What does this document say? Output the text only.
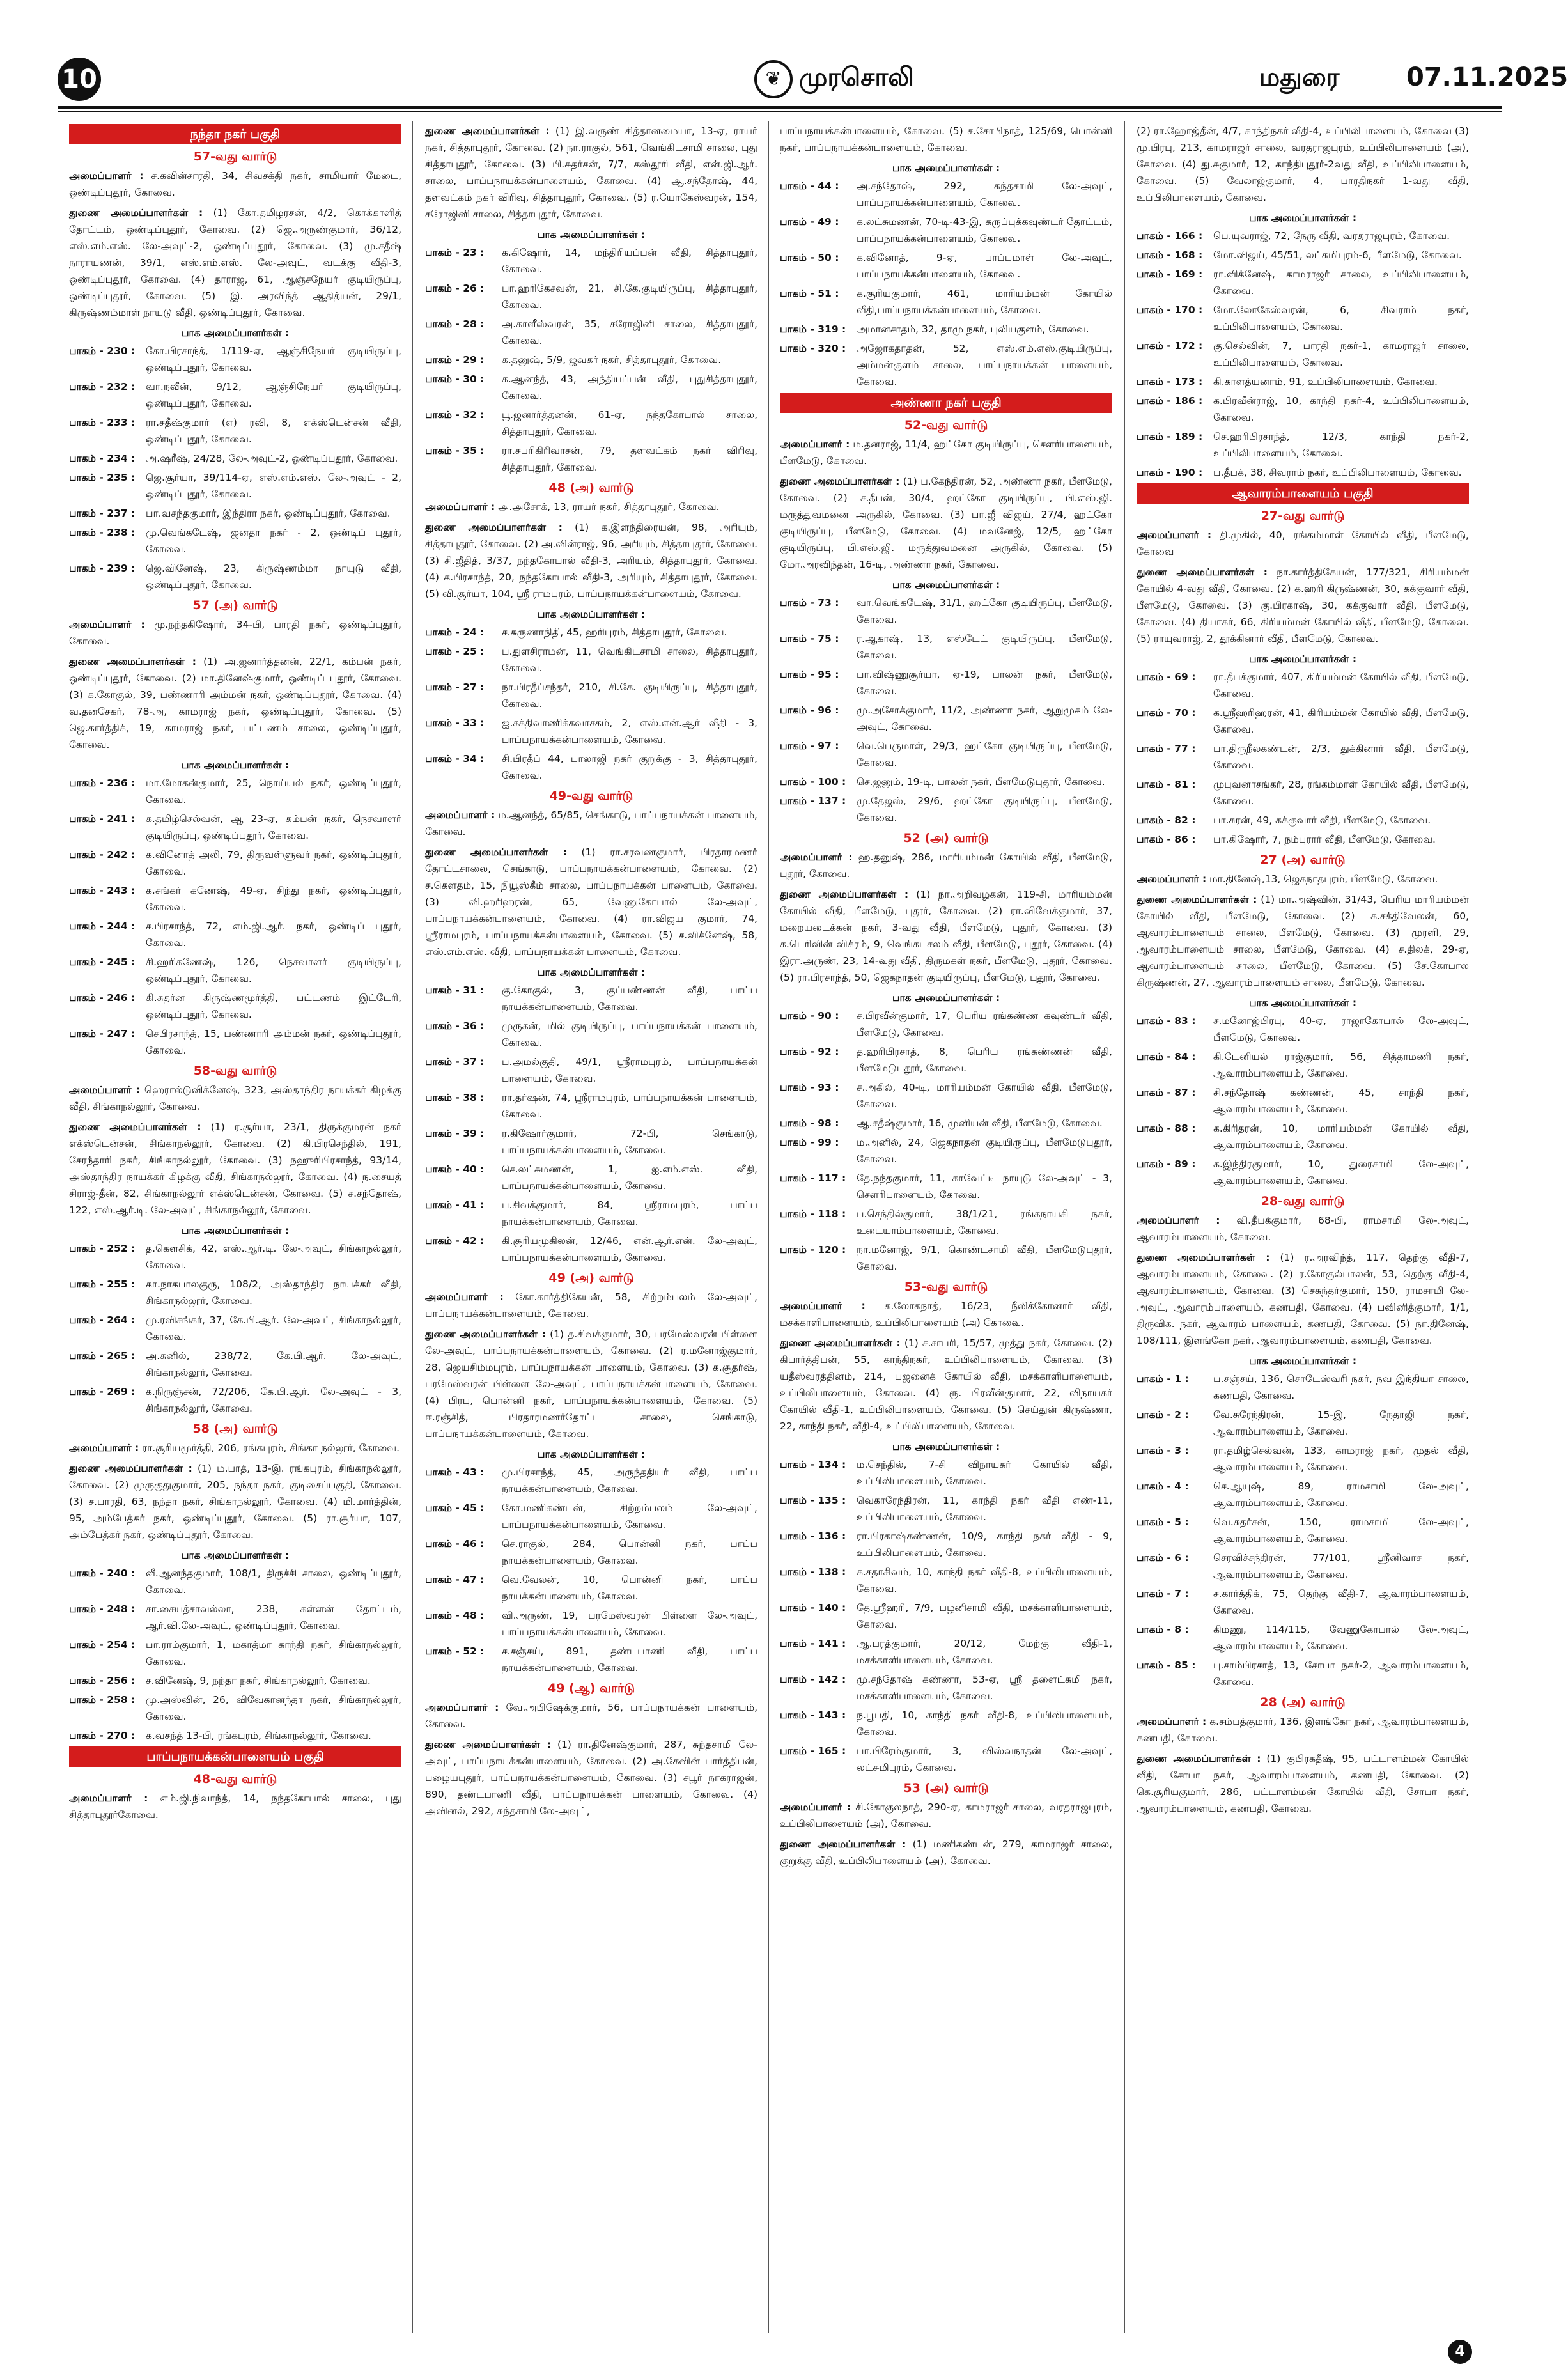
10	❦ முரசொலி	மதுரை	07.11.2025
நந்தா நகர் பகுதி
57-வது வார்டு
அமைப்பாளர் : ச.கவின்சாரதி, 34, சிவசக்தி நகர், சாமியார் மேடை, ஒண்டிப்புதூர், கோவை.
துணை அமைப்பாளர்கள் : (1) கோ.தமிழரசன், 4/2, கொக்காளித் தோட்டம், ஒண்டிப்புதூர், கோவை. (2) ஜெ.அருண்குமார், 36/12, எஸ்.எம்.எஸ். லே-அவுட்-2, ஒண்டிப்புதூர், கோவை. (3) மு.சதீஷ் நாராயணன், 39/1, எஸ்.எம்.எஸ். லே-அவுட், வடக்கு வீதி-3, ஒண்டிப்புதூர், கோவை. (4) தாராஜ, 61, ஆஞ்சநேயர் குடியிருப்பு, ஒண்டிப்புதூர், கோவை. (5) இ. அரவிந்த் ஆதித்யன், 29/1, கிருஷ்ணம்மாள் நாயுடு வீதி, ஒண்டிப்புதூர், கோவை.
பாக அமைப்பாளர்கள் :
பாகம் - 230 :	கோ.பிரசாந்த், 1/119-ஏ, ஆஞ்சிநேயர் குடியிருப்பு, ஒண்டிப்புதூர், கோவை.
பாகம் - 232 :	வா.நவீன், 9/12, ஆஞ்சிநேயர் குடியிருப்பு, ஒண்டிப்புதூர், கோவை.
பாகம் - 233 :	ரா.சதீஷ்குமார் (எ) ரவி, 8, எக்ஸ்டென்சன் வீதி, ஒண்டிப்புதூர், கோவை.
பாகம் - 234 :	அ.ஷரீஷ், 24/28, லே-அவுட்-2, ஒண்டிப்புதூர், கோவை.
பாகம் - 235 :	ஜெ.சூர்யா, 39/114-ஏ, எஸ்.எம்.எஸ். லே-அவுட் - 2, ஒண்டிப்புதூர், கோவை.
பாகம் - 237 :	பா.வசந்தகுமார், இந்திரா நகர், ஒண்டிப்புதூர், கோவை.
பாகம் - 238 :	மு.வெங்கடேஷ், ஜனதா நகர் - 2, ஒண்டிப் புதூர், கோவை.
பாகம் - 239 :	ஜெ.வினேஷ், 23, கிருஷ்ணம்மா நாயுடு வீதி, ஒண்டிப்புதூர், கோவை.
57 (அ) வார்டு
அமைப்பாளர் : மு.நந்தகிஷோர், 34-பி, பாரதி நகர், ஒண்டிப்புதூர், கோவை.
துணை அமைப்பாளர்கள் : (1) அ.ஜனார்த்தனன், 22/1, கம்பன் நகர், ஒண்டிப்புதூர், கோவை. (2) மா.தினேஷ்குமார், ஒண்டிப் புதூர், கோவை. (3) க.கோகுல், 39, பண்ணாரி அம்மன் நகர், ஒண்டிப்புதூர், கோவை. (4) வ.தனசேகர், 78-அ, காமராஜ் நகர், ஒண்டிப்புதூர், கோவை. (5) ஜெ.கார்த்திக், 19, காமராஜ் நகர், பட்டணம் சாலை, ஒண்டிப்புதூர், கோவை.
பாக அமைப்பாளர்கள் :
பாகம் - 236 :	மா.மோகன்குமார், 25, நொய்யல் நகர், ஒண்டிப்புதூர், கோவை.
பாகம் - 241 :	க.தமிழ்செல்வன், ஆ 23-ஏ, கம்பன் நகர், நெசவாளர் குடியிருப்பு, ஒண்டிப்புதூர், கோவை.
பாகம் - 242 :	க.வினோத் அலி, 79, திருவள்ளுவர் நகர், ஒண்டிப்புதூர், கோவை.
பாகம் - 243 :	க.சங்கர் கணேஷ், 49-ஏ, சிந்து நகர், ஒண்டிப்புதூர், கோவை.
பாகம் - 244 :	ச.பிரசாந்த், 72, எம்.ஜி.ஆர். நகர், ஒண்டிப் புதூர், கோவை.
பாகம் - 245 :	சி.ஹரிகணேஷ், 126, நெசவாளர் குடியிருப்பு, ஒண்டிப்புதூர், கோவை.
பாகம் - 246 :	கி.சுதர்ன கிருஷ்ணமூர்த்தி, பட்டணம் இட்டேரி, ஒண்டிப்புதூர், கோவை.
பாகம் - 247 :	செபிரசாந்த், 15, பண்ணாரி அம்மன் நகர், ஒண்டிப்புதூர், கோவை.
58-வது வார்டு
அமைப்பாளர் : ஹெரால்டுவிக்னேஷ், 323, அஸ்தாந்திர நாயக்கர் கிழக்கு வீதி, சிங்காநல்லூர், கோவை.
துணை அமைப்பாளர்கள் : (1) ர.சூர்யா, 23/1, திருக்குமரன் நகர் எக்ஸ்டென்சன், சிங்காநல்லூர், கோவை. (2) கி.பிரசெந்தில், 191, சேரந்தாரி நகர், சிங்காநல்லூர், கோவை. (3) நஹுரிபிரசாந்த், 93/14, அஸ்தாந்திர நாயக்கர் கிழக்கு வீதி, சிங்காநல்லூர், கோவை. (4) ந.சையத் சிராஜ்-தீன், 82, சிங்காநல்லூர் எக்ஸ்டென்சன், கோவை. (5) ச.சந்தோஷ், 122, எஸ்.ஆர்.டி. லே-அவுட், சிங்காநல்லூர், கோவை.
பாக அமைப்பாளர்கள் :
பாகம் - 252 :	த.கௌசிக், 42, எஸ்.ஆர்.டி. லே-அவுட், சிங்காநல்லூர், கோவை.
பாகம் - 255 :	கா.நாகபாலகுரு, 108/2, அஸ்தாந்திர நாயக்கர் வீதி, சிங்காநல்லூர், கோவை.
பாகம் - 264 :	மு.ரவிசங்கர், 37, கே.பி.ஆர். லே-அவுட், சிங்காநல்லூர், கோவை.
பாகம் - 265 :	அ.சுனில், 238/72, கே.பி.ஆர். லே-அவுட், சிங்காநல்லூர், கோவை.
பாகம் - 269 :	க.நிருஞ்சன், 72/206, கே.பி.ஆர். லே-அவுட் - 3, சிங்காநல்லூர், கோவை.
58 (அ) வார்டு
அமைப்பாளர் : ரா.சூரியமூர்த்தி, 206, ரங்கபுரம், சிங்கா நல்லூர், கோவை.
துணை அமைப்பாளர்கள் : (1) ம.பாத், 13-இ. ரங்கபுரம், சிங்காநல்லூர், கோவை. (2) முருகுதுகுமார், 205, நந்தா நகர், குடிசைப்பகுதி, கோவை. (3) ச.பாரதி, 63, நந்தா நகர், சிங்காநல்லூர், கோவை. (4) மி.மார்த்தின், 95, அம்பேத்கர் நகர், ஒண்டிப்புதூர், கோவை. (5) ரா.சூர்யா, 107, அம்பேத்கர் நகர், ஒண்டிப்புதூர், கோவை.
பாக அமைப்பாளர்கள் :
பாகம் - 240 :	வீ.ஆனந்தகுமார், 108/1, திருச்சி சாலை, ஒண்டிப்புதூர், கோவை.
பாகம் - 248 :	சா.சையத்சாவல்லா, 238, கள்ளன் தோட்டம், ஆர்.வி.லே-அவுட், ஒண்டிப்புதூர், கோவை.
பாகம் - 254 :	பா.ராம்குமார், 1, மகாத்மா காந்தி நகர், சிங்காநல்லூர், கோவை.
பாகம் - 256 :	ச.வினேஷ், 9, நந்தா நகர், சிங்காநல்லூர், கோவை.
பாகம் - 258 :	மு.அஸ்வின், 26, விவேகானந்தா நகர், சிங்காநல்லூர், கோவை.
பாகம் - 270 :	க.வசந்த் 13-பி, ரங்கபுரம், சிங்காநல்லூர், கோவை.
பாப்பநாயக்கன்பாளையம் பகுதி
48-வது வார்டு
அமைப்பாளர் : எம்.ஜி.நிவாந்த், 14, நந்தகோபால் சாலை, புது சித்தாபுதூர்கோவை.
துணை அமைப்பாளர்கள் : (1) இ.வருண் சித்தானமையா, 13-ஏ, ராயர் நகர், சித்தாபுதூர், கோவை. (2) நா.ராகுல், 561, வெங்கிடசாமி சாலை, புது சித்தாபுதூர், கோவை. (3) பி.சுதர்சன், 7/7, கஸ்தூரி வீதி, என்.ஜி.ஆர். சாலை, பாப்பநாயக்கன்பாளையம், கோவை. (4) ஆ.சந்தோஷ், 44, தளவட்கம் நகர் விரிவு, சித்தாபுதூர், கோவை. (5) ர.யோகேஸ்வரன், 154, சரோஜினி சாலை, சித்தாபுதூர், கோவை.
பாக அமைப்பாளர்கள் :
பாகம் - 23 :	க.கிஷோர், 14, மந்திரியப்பன் வீதி, சித்தாபுதூர், கோவை.
பாகம் - 26 :	பா.ஹரிகேசவன், 21, சி.கே.குடியிருப்பு, சித்தாபுதூர், கோவை.
பாகம் - 28 :	அ.காளீஸ்வரன், 35, சரோஜினி சாலை, சித்தாபுதூர், கோவை.
பாகம் - 29 :	க.தனுஷ், 5/9, ஜவகர் நகர், சித்தாபுதூர், கோவை.
பாகம் - 30 :	க.ஆனந்த், 43, அந்தியப்பன் வீதி, புதுசித்தாபுதூர், கோவை.
பாகம் - 32 :	பூ.ஜனார்த்தனன், 61-ஏ, நந்தகோபால் சாலை, சித்தாபுதூர், கோவை.
பாகம் - 35 :	ரா.சபரிகிரிவாசன், 79, தளவட்கம் நகர் விரிவு, சித்தாபுதூர், கோவை.
48 (அ) வார்டு
அமைப்பாளர் : அ.அசோக், 13, ராயர் நகர், சித்தாபுதூர், கோவை.
துணை அமைப்பாளர்கள் : (1) க.இளந்திரையன், 98, அரியும், சித்தாபுதூர், கோவை. (2) அ.வின்ராஜ், 96, அரியும், சித்தாபுதூர், கோவை. (3) சி.ஜீதித், 3/37, நந்தகோபால் வீதி-3, அரியும், சித்தாபுதூர், கோவை. (4) க.பிரசாந்த், 20, நந்தகோபால் வீதி-3, அரியும், சித்தாபுதூர், கோவை. (5) வி.சூர்யா, 104, ஸ்ரீ ராமபுரம், பாப்பநாயக்கன்பாளையம், கோவை.
பாக அமைப்பாளர்கள் :
பாகம் - 24 :	ச.சுருணாநிதி, 45, ஹரிபுரம், சித்தாபுதூர், கோவை.
பாகம் - 25 :	ப.துளசிராமன், 11, வெங்கிடசாமி சாலை, சித்தாபுதூர், கோவை.
பாகம் - 27 :	நா.பிரதீப்சந்தர், 210, சி.கே. குடியிருப்பு, சித்தாபுதூர், கோவை.
பாகம் - 33 :	ஐ.சக்திவாணிக்கவாசகம், 2, எஸ்.என்.ஆர் வீதி - 3, பாப்பநாயக்கன்பாளையம், கோவை.
பாகம் - 34 :	சி.பிரதீப் 44, பாலாஜி நகர் குறுக்கு - 3, சித்தாபுதூர், கோவை.
49-வது வார்டு
அமைப்பாளர் : ம.ஆனந்த், 65/85, செங்காடு, பாப்பநாயக்கன் பாளையம், கோவை.
துணை அமைப்பாளர்கள் : (1) ரா.சரவணகுமார், பிரதாரமணர் தோட்டசாலை, செங்காடு, பாப்பநாயக்கன்பாளையம், கோவை. (2) ச.கௌதம், 15, நியூஸ்கீம் சாலை, பாப்பநாயக்கன் பாளையம், கோவை. (3) வி.ஹரிஹரன், 65, வேணுகோபால் லே-அவுட், பாப்பநாயக்கன்பாளையம், கோவை. (4) ரா.விஜய குமார், 74, ஸ்ரீராமபுரம், பாப்பநாயக்கன்பாளையம், கோவை. (5) ச.விக்னேஷ், 58, எஸ்.எம்.எஸ். வீதி, பாப்பநாயக்கன் பாளையம், கோவை.
பாக அமைப்பாளர்கள் :
பாகம் - 31 :	கு.கோகுல், 3, குப்பண்ணன் வீதி, பாப்ப நாயக்கன்பாளையம், கோவை.
பாகம் - 36 :	முருகன், மில் குடியிருப்பு, பாப்பநாயக்கன் பாளையம், கோவை.
பாகம் - 37 :	ப.அமல்குதி, 49/1, ஸ்ரீராமபுரம், பாப்பநாயக்கன் பாளையம், கோவை.
பாகம் - 38 :	ரா.தர்ஷன், 74, ஸ்ரீராமபுரம், பாப்பநாயக்கன் பாளையம், கோவை.
பாகம் - 39 :	ர.கிஷோர்குமார், 72-பி, செங்காடு, பாப்பநாயக்கன்பாளையம், கோவை.
பாகம் - 40 :	செ.லட்சுமணன், 1, ஐ.எம்.எஸ். வீதி, பாப்பநாயக்கன்பாளையம், கோவை.
பாகம் - 41 :	ப.சிவக்குமார், 84, ஸ்ரீராமபுரம், பாப்ப நாயக்கன்பாளையம், கோவை.
பாகம் - 42 :	கி.சூரியமுகிலன், 12/46, என்.ஆர்.என். லே-அவுட், பாப்பநாயக்கன்பாளையம், கோவை.
49 (அ) வார்டு
அமைப்பாளர் : கோ.கார்த்திகேயன், 58, சிற்றம்பலம் லே-அவுட், பாப்பநாயக்கன்பாளையம், கோவை.
துணை அமைப்பாளர்கள் : (1) த.சிவக்குமார், 30, பரமேஸ்வரன் பிள்ளை லே-அவுட், பாப்பநாயக்கன்பாளையம், கோவை. (2) ர.மனோஜ்குமார், 28, ஜெயசிம்மபுரம், பாப்பநாயக்கன் பாளையம், கோவை. (3) க.சூதர்ஷ், பரமேஸ்வரன் பிள்ளை லே-அவுட், பாப்பநாயக்கன்பாளையம், கோவை. (4) பிரபு, பொன்னி நகர், பாப்பநாயக்கன்பாளையம், கோவை. (5) ஈ.ரஞ்சித், பிரதாரமணர்தோட்ட சாலை, செங்காடு, பாப்பநாயக்கன்பாளையம், கோவை.
பாக அமைப்பாளர்கள் :
பாகம் - 43 :	மு.பிரசாந்த், 45, அருந்ததியர் வீதி, பாப்ப நாயக்கன்பாளையம், கோவை.
பாகம் - 45 :	கோ.மணிகண்டன், சிற்றம்பலம் லே-அவுட், பாப்பநாயக்கன்பாளையம், கோவை.
பாகம் - 46 :	செ.ராகுல், 284, பொன்னி நகர், பாப்ப நாயக்கன்பாளையம், கோவை.
பாகம் - 47 :	வெ.வேலன், 10, பொன்னி நகர், பாப்ப நாயக்கன்பாளையம், கோவை.
பாகம் - 48 :	வி.அருண், 19, பரமேஸ்வரன் பிள்ளை லே-அவுட், பாப்பநாயக்கன்பாளையம், கோவை.
பாகம் - 52 :	ச.சஞ்சய், 891, தண்டபாணி வீதி, பாப்ப நாயக்கன்பாளையம், கோவை.
49 (ஆ) வார்டு
அமைப்பாளர் : வே.அபிஷேக்குமார், 56, பாப்பநாயக்கன் பாளையம், கோவை.
துணை அமைப்பாளர்கள் : (1) ரா.தினேஷ்குமார், 287, சுந்தசாமி லே-அவுட், பாப்பநாயக்கன்பாளையம், கோவை. (2) அ.கேவின் பார்த்திபன், பழையபுதூர், பாப்பநாயக்கன்பாளையம், கோவை. (3) சபூர் நாகராஜன், 890, தண்டபாணி வீதி, பாப்பநாயக்கன் பாளையம், கோவை. (4) அவினல், 292, சுந்தசாமி லே-அவுட்,
பாப்பநாயக்கன்பாளையம், கோவை. (5) ச.சோபிநாத், 125/69, பொன்னி நகர், பாப்பநாயக்கன்பாளையம், கோவை.
பாக அமைப்பாளர்கள் :
பாகம் - 44 :	அ.சந்தோஷ், 292, சுந்தசாமி லே-அவுட், பாப்பநாயக்கன்பாளையம், கோவை.
பாகம் - 49 :	க.லட்சுமணன், 70-டி-43-இ, கருப்புக்கவுண்டர் தோட்டம், பாப்பநாயக்கன்பாளையம், கோவை.
பாகம் - 50 :	க.வினோத், 9-ஏ, பாப்பமாள் லே-அவுட், பாப்பநாயக்கன்பாளையம், கோவை.
பாகம் - 51 :	க.சூரியகுமார், 461, மாரியம்மன் கோயில் வீதி,பாப்பநாயக்கன்பாளையம், கோவை.
பாகம் - 319 :	அமானசாதம், 32, தாமு நகர், புலியகுளம், கோவை.
பாகம் - 320 :	அஜோகதாதன், 52, எஸ்.எம்.எஸ்.குடியிருப்பு, அம்மன்குளம் சாலை, பாப்பநாயக்கன் பாளையம், கோவை.
அண்ணா நகர் பகுதி
52-வது வார்டு
அமைப்பாளர் : ம.தனராஜ், 11/4, ஹட்கோ குடியிருப்பு, சௌரிபாளையம், பீளமேடு, கோவை.
துணை அமைப்பாளர்கள் : (1) ப.கேந்திரன், 52, அண்ணா நகர், பீளமேடு, கோவை. (2) ச.தீபன், 30/4, ஹட்கோ குடியிருப்பு, பி.எஸ்.ஜி. மருத்துவமனை அருகில், கோவை. (3) பா.ஜீ விஜய், 27/4, ஹட்கோ குடியிருப்பு, பீளமேடு, கோவை. (4) மவனேஜ், 12/5, ஹட்கோ குடியிருப்பு, பி.எஸ்.ஜி. மருத்துவமனை அருகில், கோவை. (5) மோ.அரவிந்தன், 16-டி, அண்ணா நகர், கோவை.
பாக அமைப்பாளர்கள் :
பாகம் - 73 :	வா.வெங்கடேஷ், 31/1, ஹட்கோ குடியிருப்பு, பீளமேடு, கோவை.
பாகம் - 75 :	ர.ஆகாஷ், 13, எஸ்டேட் குடியிருப்பு, பீளமேடு, கோவை.
பாகம் - 95 :	பா.விஷ்ணுசூர்யா, ஏ-19, பாலன் நகர், பீளமேடு, கோவை.
பாகம் - 96 :	மு.அசோக்குமார், 11/2, அண்ணா நகர், ஆறுமுகம் லே-அவுட், கோவை.
பாகம் - 97 :	வெ.பெருமாள், 29/3, ஹட்கோ குடியிருப்பு, பீளமேடு, கோவை.
பாகம் - 100 :	செ.ஜனும், 19-டி, பாலன் நகர், பீளமேடுபுதூர், கோவை.
பாகம் - 137 :	மு.தேஜஸ், 29/6, ஹட்கோ குடியிருப்பு, பீளமேடு, கோவை.
52 (அ) வார்டு
அமைப்பாளர் : ஹ.தனுஷ், 286, மாரியம்மன் கோயில் வீதி, பீளமேடு, புதூர், கோவை.
துணை அமைப்பாளர்கள் : (1) நா.அறிவழகன், 119-சி, மாரியம்மன் கோயில் வீதி, பீளமேடு, புதூர், கோவை. (2) ரா.விவேக்குமார், 37, மறையடைக்கன் நகர், 3-வது வீதி, பீளமேடு, புதூர், கோவை. (3) க.பெரிவின் விக்ரம், 9, வெங்கடசலம் வீதி, பீளமேடு, புதூர், கோவை. (4) இரா.அருண், 23, 14-வது வீதி, திருமகள் நகர், பீளமேடு, புதூர், கோவை. (5) ரா.பிரசாந்த், 50, ஜெகநாதன் குடியிருப்பு, பீளமேடு, புதூர், கோவை.
பாக அமைப்பாளர்கள் :
பாகம் - 90 :	ச.பிரவீன்குமார், 17, பெரிய ரங்கண்ண கவுண்டர் வீதி, பீளமேடு, கோவை.
பாகம் - 92 :	த.ஹரிபிரசாத், 8, பெரிய ரங்கண்ணன் வீதி, பீளமேடுபுதூர், கோவை.
பாகம் - 93 :	ச.அகில், 40-டி, மாரியம்மன் கோயில் வீதி, பீளமேடு, கோவை.
பாகம் - 98 :	ஆ.சதீஷ்குமார், 16, முனியன் வீதி, பீளமேடு, கோவை.
பாகம் - 99 :	ம.அனில், 24, ஜெகநாதன் குடியிருப்பு, பீளமேடுபுதூர், கோவை.
பாகம் - 117 :	தே.நந்தகுமார், 11, காவேட்டி நாயுடு லே-அவுட் - 3, சௌரிபாளையம், கோவை.
பாகம் - 118 :	ப.செந்தில்குமார், 38/1/21, ரங்கநாயகி நகர், உடையாம்பாளையம், கோவை.
பாகம் - 120 :	நா.மனோஜ், 9/1, கொண்டசாமி வீதி, பீளமேடுபுதூர், கோவை.
53-வது வார்டு
அமைப்பாளர் : க.லோகநாத், 16/23, நீலிக்கோனார் வீதி, மசக்காளிபாளையம், உப்பிலிபாளையம் (அ) கோவை.
துணை அமைப்பாளர்கள் : (1) ச.சாபரி, 15/57, முத்து நகர், கோவை. (2) கிபார்த்திபன், 55, காந்திநகர், உப்பிலிபாளையம், கோவை. (3) யதீஸ்வரத்தினம், 214, பஜனைக் கோயில் வீதி, மசக்காளிபாளையம், உப்பிலிபாளையம், கோவை. (4) ரூ. பிரவீன்குமார், 22, விநாயகர் கோயில் வீதி-1, உப்பிலிபாளையம், கோவை. (5) செய்துன் கிருஷ்ணா, 22, காந்தி நகர், வீதி-4, உப்பிலிபாளையம், கோவை.
பாக அமைப்பாளர்கள் :
பாகம் - 134 :	ம.செந்தில், 7-சி விநாயகர் கோயில் வீதி, உப்பிலிபாளையம், கோவை.
பாகம் - 135 :	வெகாரேந்திரன், 11, காந்தி நகர் வீதி எண்-11, உப்பிலிபாளையம், கோவை.
பாகம் - 136 :	ரா.பிரகாஷ்கண்ணன், 10/9, காந்தி நகர் வீதி - 9, உப்பிலிபாளையம், கோவை.
பாகம் - 138 :	க.சதாசிவம், 10, காந்தி நகர் வீதி-8, உப்பிலிபாளையம், கோவை.
பாகம் - 140 :	தே.ஸ்ரீஹரி, 7/9, பழனிசாமி வீதி, மசக்காளிபாளையம், கோவை.
பாகம் - 141 :	ஆ.பரத்குமார், 20/12, மேற்கு வீதி-1, மசக்காளிபாளையம், கோவை.
பாகம் - 142 :	மு.சந்தோஷ் கண்ணா, 53-ஏ, ஸ்ரீ தளைட்சுமி நகர், மசக்காளிபாளையம், கோவை.
பாகம் - 143 :	ந.பூபதி, 10, காந்தி நகர் வீதி-8, உப்பிலிபாளையம், கோவை.
பாகம் - 165 :	பா.பிரேம்குமார், 3, விஸ்வநாதன் லே-அவுட், லட்சுமிபுரம், கோவை.
53 (அ) வார்டு
அமைப்பாளர் : சி.கோகுலநாத், 290-ஏ, காமராஜர் சாலை, வரதராஜபுரம், உப்பிலிபாளையம் (அ), கோவை.
துணை அமைப்பாளர்கள் : (1) மணிகண்டன், 279, காமராஜர் சாலை, குறுக்கு வீதி, உப்பிலிபாளையம் (அ), கோவை.
(2) ரா.ஹோஜ்தீன், 4/7, காந்திநகர் வீதி-4, உப்பிலிபாளையம், கோவை (3) மு.பிரபு, 213, காமராஜர் சாலை, வரதராஜபுரம், உப்பிலிபாளையம் (அ), கோவை. (4) து.சுகுமார், 12, காந்திபுதூர்-2வது வீதி, உப்பிலிபாளையம், கோவை. (5) வேலாஜ்குமார், 4, பாரதிநகர் 1-வது வீதி, உப்பிலிபாளையம், கோவை.
பாக அமைப்பாளர்கள் :
பாகம் - 166 :	பெ.யுவராஜ், 72, நேரு வீதி, வரதராஜபுரம், கோவை.
பாகம் - 168 :	மோ.விஜய், 45/51, லட்சுமிபுரம்-6, பீளமேடு, கோவை.
பாகம் - 169 :	ரா.விக்னேஷ், காமராஜர் சாலை, உப்பிலிபாளையம், கோவை.
பாகம் - 170 :	மோ.லோகேஸ்வரன், 6, சிவராம் நகர், உப்பிலிபாளையம், கோவை.
பாகம் - 172 :	கு.செல்வின், 7, பாரதி நகர்-1, காமராஜர் சாலை, உப்பிலிபாளையம், கோவை.
பாகம் - 173 :	கி.காளத்யனாம், 91, உப்பிலிபாளையம், கோவை.
பாகம் - 186 :	க.பிரவீன்ராஜ், 10, காந்தி நகர்-4, உப்பிலிபாளையம், கோவை.
பாகம் - 189 :	செ.ஹரிபிரசாந்த், 12/3, காந்தி நகர்-2, உப்பிலிபாளையம், கோவை.
பாகம் - 190 :	ப.தீபக், 38, சிவராம் நகர், உப்பிலிபாளையம், கோவை.
ஆவாரம்பாளையம் பகுதி
27-வது வார்டு
அமைப்பாளர் : தி.முகில், 40, ரங்கம்மாள் கோயில் வீதி, பீளமேடு, கோவை
துணை அமைப்பாளர்கள் : நா.கார்த்திகேயன், 177/321, கிரியம்மன் கோயில் 4-வது வீதி, கோவை. (2) க.ஹரி கிருஷ்ணன், 30, கக்குவார் வீதி, பீளமேடு, கோவை. (3) கு.பிரகாஷ், 30, கக்குவார் வீதி, பீளமேடு, கோவை. (4) தியாகர், 66, கிரியம்மன் கோயில் வீதி, பீளமேடு, கோவை. (5) ராயுவராஜ், 2, தூக்கினார் வீதி, பீளமேடு, கோவை.
பாக அமைப்பாளர்கள் :
பாகம் - 69 :	ரா.தீபக்குமார், 407, கிரியம்மன் கோயில் வீதி, பீளமேடு, கோவை.
பாகம் - 70 :	க.ஸ்ரீஹரிஹரன், 41, கிரியம்மன் கோயில் வீதி, பீளமேடு, கோவை.
பாகம் - 77 :	பா.திருநீலகண்டன், 2/3, துக்கினார் வீதி, பீளமேடு, கோவை.
பாகம் - 81 :	முபுவனாசங்கர், 28, ரங்கம்மாள் கோயில் வீதி, பீளமேடு, கோவை.
பாகம் - 82 :	பா.சுரன், 49, கக்குவார் வீதி, பீளமேடு, கோவை.
பாகம் - 86 :	பா.கிஷோர், 7, நம்புரார் வீதி, பீளமேடு, கோவை.
27 (அ) வார்டு
அமைப்பாளர் : மா.தினேஷ்,13, ஜெகநாதபுரம், பீளமேடு, கோவை.
துணை அமைப்பாளர்கள் : (1) மா.அஷ்வின், 31/43, பெரிய மாரியம்மன் கோயில் வீதி, பீளமேடு, கோவை. (2) க.சக்திவேலன், 60, ஆவாரம்பாளையம் சாலை, பீளமேடு, கோவை. (3) முரளி, 29, ஆவாரம்பாளையம் சாலை, பீளமேடு, கோவை. (4) ச.திலக், 29-ஏ, ஆவாரம்பாளையம் சாலை, பீளமேடு, கோவை. (5) சே.கோபால கிருஷ்ணன், 27, ஆவாரம்பாளையம் சாலை, பீளமேடு, கோவை.
பாக அமைப்பாளர்கள் :
பாகம் - 83 :	ச.மனோஜ்பிரபு, 40-ஏ, ராஜாகோபால் லே-அவுட், பீளமேடு, கோவை.
பாகம் - 84 :	கி.டேனியல் ராஜ்குமார், 56, சித்தாமணி நகர், ஆவாரம்பாளையம், கோவை.
பாகம் - 87 :	சி.சந்தோஷ் கண்ணன், 45, சாந்தி நகர், ஆவாரம்பாளையம், கோவை.
பாகம் - 88 :	க.கிரிதரன், 10, மாரியம்மன் கோயில் வீதி, ஆவாரம்பாளையம், கோவை.
பாகம் - 89 :	க.இந்திரகுமார், 10, துரைசாமி லே-அவுட், ஆவாரம்பாளையம், கோவை.
28-வது வார்டு
அமைப்பாளர் : வி.தீபக்குமார், 68-பி, ராமசாமி லே-அவுட், ஆவாரம்பாளையம், கோவை.
துணை அமைப்பாளர்கள் : (1) ர.அரவிந்த், 117, தெற்கு வீதி-7, ஆவாரம்பாளையம், கோவை. (2) ர.கோகுல்பாலன், 53, தெற்கு வீதி-4, ஆவாரம்பாளையம், கோவை. (3) செசுந்தர்குமார், 150, ராமசாமி லே-அவுட், ஆவாரம்பாளையம், கணபதி, கோவை. (4) பவினித்குமார், 1/1, திருவிக. நகர், ஆவாரம் பாளையம், கணபதி, கோவை. (5) நா.தினேஷ், 108/111, இளங்கோ நகர், ஆவாரம்பாளையம், கணபதி, கோவை.
பாக அமைப்பாளர்கள் :
பாகம் - 1 :	ப.சஞ்சய், 136, சொடேஸ்வரி நகர், நவ இந்தியா சாலை, கணபதி, கோவை.
பாகம் - 2 :	வே.சுரேந்திரன், 15-இ, நேதாஜி நகர், ஆவாரம்பாளையம், கோவை.
பாகம் - 3 :	ரா.தமிழ்செல்வன், 133, காமராஜ் நகர், முதல் வீதி, ஆவாரம்பாளையம், கோவை.
பாகம் - 4 :	செ.ஆயுஷ், 89, ராமசாமி லே-அவுட், ஆவாரம்பாளையம், கோவை.
பாகம் - 5 :	வெ.சுதர்சன், 150, ராமசாமி லே-அவுட், ஆவாரம்பாளையம், கோவை.
பாகம் - 6 :	செரவிச்சந்திரன், 77/101, ஸ்ரீனிவாச நகர், ஆவாரம்பாளையம், கோவை.
பாகம் - 7 :	ச.கார்த்திக், 75, தெற்கு வீதி-7, ஆவாரம்பாளையம், கோவை.
பாகம் - 8 :	கிமணு, 114/115, வேணுகோபால் லே-அவுட், ஆவாரம்பாளையம், கோவை.
பாகம் - 85 :	பு.சாம்பிரசாத், 13, சோபா நகர்-2, ஆவாரம்பாளையம், கோவை.
28 (அ) வார்டு
அமைப்பாளர் : க.சம்பத்குமார், 136, இளங்கோ நகர், ஆவாரம்பாளையம், கணபதி, கோவை.
துணை அமைப்பாளர்கள் : (1) குபிரகதீஷ், 95, பட்டாளம்மன் கோயில் வீதி, சோபா நகர், ஆவாரம்பாளையம், கணபதி, கோவை. (2) கெ.சூரியகுமார், 286, பட்டாளம்மன் கோயில் வீதி, சோபா நகர், ஆவாரம்பாளையம், கணபதி, கோவை.
4
